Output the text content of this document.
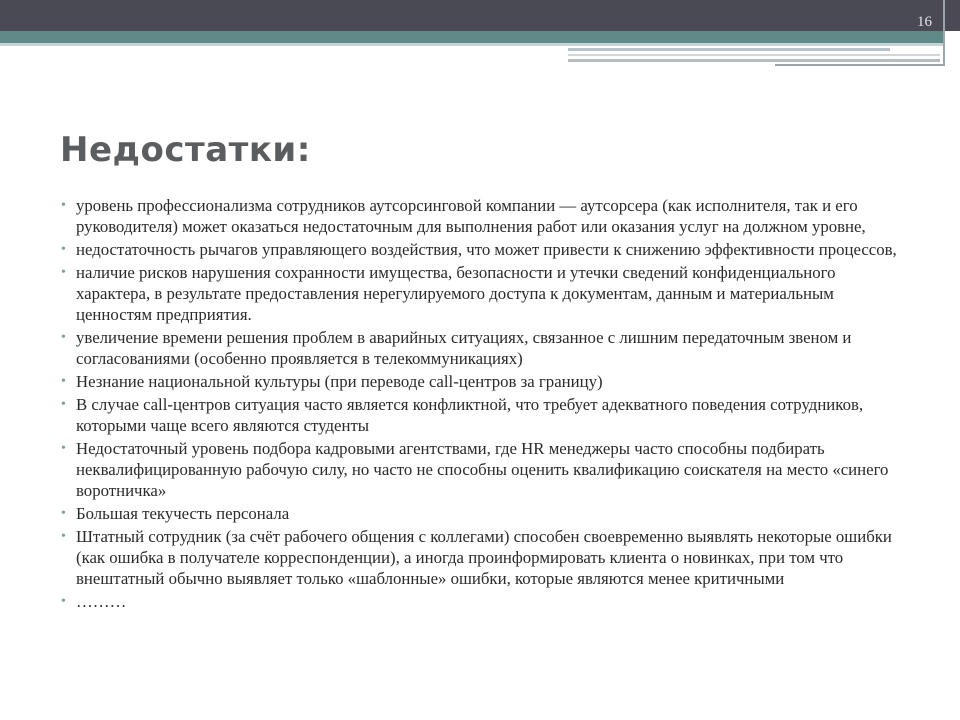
16
Недостатки:
• уровень профессионализма сотрудников аутсорсинговой компании — аутсорсера (как исполнителя, так и его руководителя) может оказаться недостаточным для выполнения работ или оказания услуг на должном уровне,
• недостаточность рычагов управляющего воздействия, что может привести к снижению эффективности процессов,
• наличие рисков нарушения сохранности имущества, безопасности и утечки сведений конфиденциального характера, в результате предоставления нерегулируемого доступа к документам, данным и материальным ценностям предприятия.
• увеличение времени решения проблем в аварийных ситуациях, связанное с лишним передаточным звеном и согласованиями (особенно проявляется в телекоммуникациях)
• Незнание национальной культуры (при переводе call-центров за границу)
• В случае call-центров ситуация часто является конфликтной, что требует адекватного поведения сотрудников, которыми чаще всего являются студенты
• Недостаточный уровень подбора кадровыми агентствами, где HR менеджеры часто способны подбирать неквалифицированную рабочую силу, но часто не способны оценить квалификацию соискателя на место «синего воротничка»
• Большая текучесть персонала
• Штатный сотрудник (за счёт рабочего общения с коллегами) способен своевременно выявлять некоторые ошибки (как ошибка в получателе корреспонденции), а иногда проинформировать клиента о новинках, при том что внештатный обычно выявляет только «шаблонные» ошибки, которые являются менее критичными
• ………
